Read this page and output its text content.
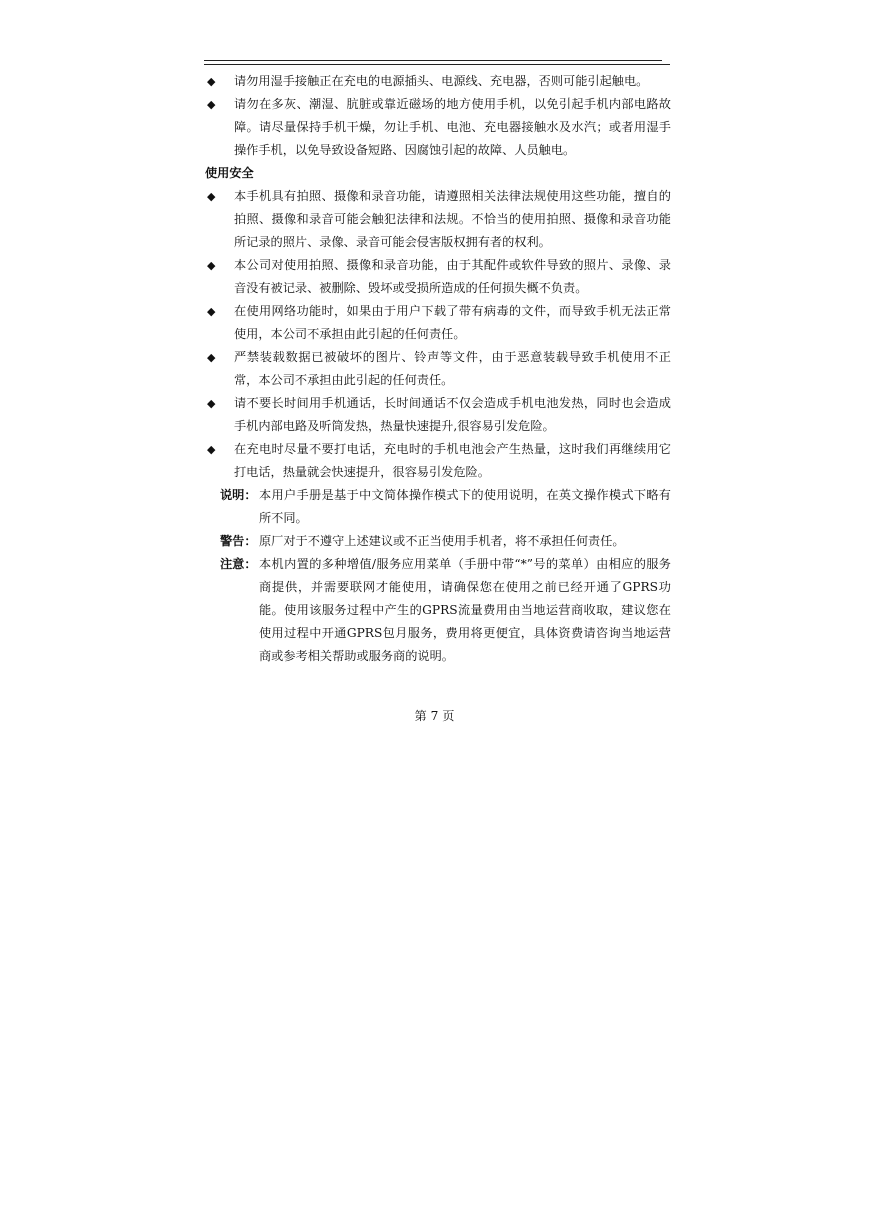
◆ 请勿用湿手接触正在充电的电源插头、电源线、充电器，否则可能引起触电。
◆ 请勿在多灰、潮湿、肮脏或靠近磁场的地方使用手机，以免引起手机内部电路故障。请尽量保持手机干燥，勿让手机、电池、充电器接触水及水汽；或者用湿手操作手机，以免导致设备短路、因腐蚀引起的故障、人员触电。
使用安全
◆ 本手机具有拍照、摄像和录音功能，请遵照相关法律法规使用这些功能，擅自的拍照、摄像和录音可能会触犯法律和法规。不恰当的使用拍照、摄像和录音功能所记录的照片、录像、录音可能会侵害版权拥有者的权利。
◆ 本公司对使用拍照、摄像和录音功能，由于其配件或软件导致的照片、录像、录音没有被记录、被删除、毁坏或受损所造成的任何损失概不负责。
◆ 在使用网络功能时，如果由于用户下载了带有病毒的文件，而导致手机无法正常使用，本公司不承担由此引起的任何责任。
◆ 严禁装载数据已被破坏的图片、铃声等文件，由于恶意装载导致手机使用不正常，本公司不承担由此引起的任何责任。
◆ 请不要长时间用手机通话，长时间通话不仅会造成手机电池发热，同时也会造成手机内部电路及听筒发热，热量快速提升,很容易引发危险。
◆ 在充电时尽量不要打电话，充电时的手机电池会产生热量，这时我们再继续用它打电话，热量就会快速提升，很容易引发危险。
说明： 本用户手册是基于中文简体操作模式下的使用说明，在英文操作模式下略有所不同。
警告： 原厂对于不遵守上述建议或不正当使用手机者，将不承担任何责任。
注意： 本机内置的多种增值/服务应用菜单（手册中带“*”号的菜单）由相应的服务商提供，并需要联网才能使用，请确保您在使用之前已经开通了GPRS功能。使用该服务过程中产生的GPRS流量费用由当地运营商收取，建议您在使用过程中开通GPRS包月服务，费用将更便宜，具体资费请咨询当地运营商或参考相关帮助或服务商的说明。
第 7 页
